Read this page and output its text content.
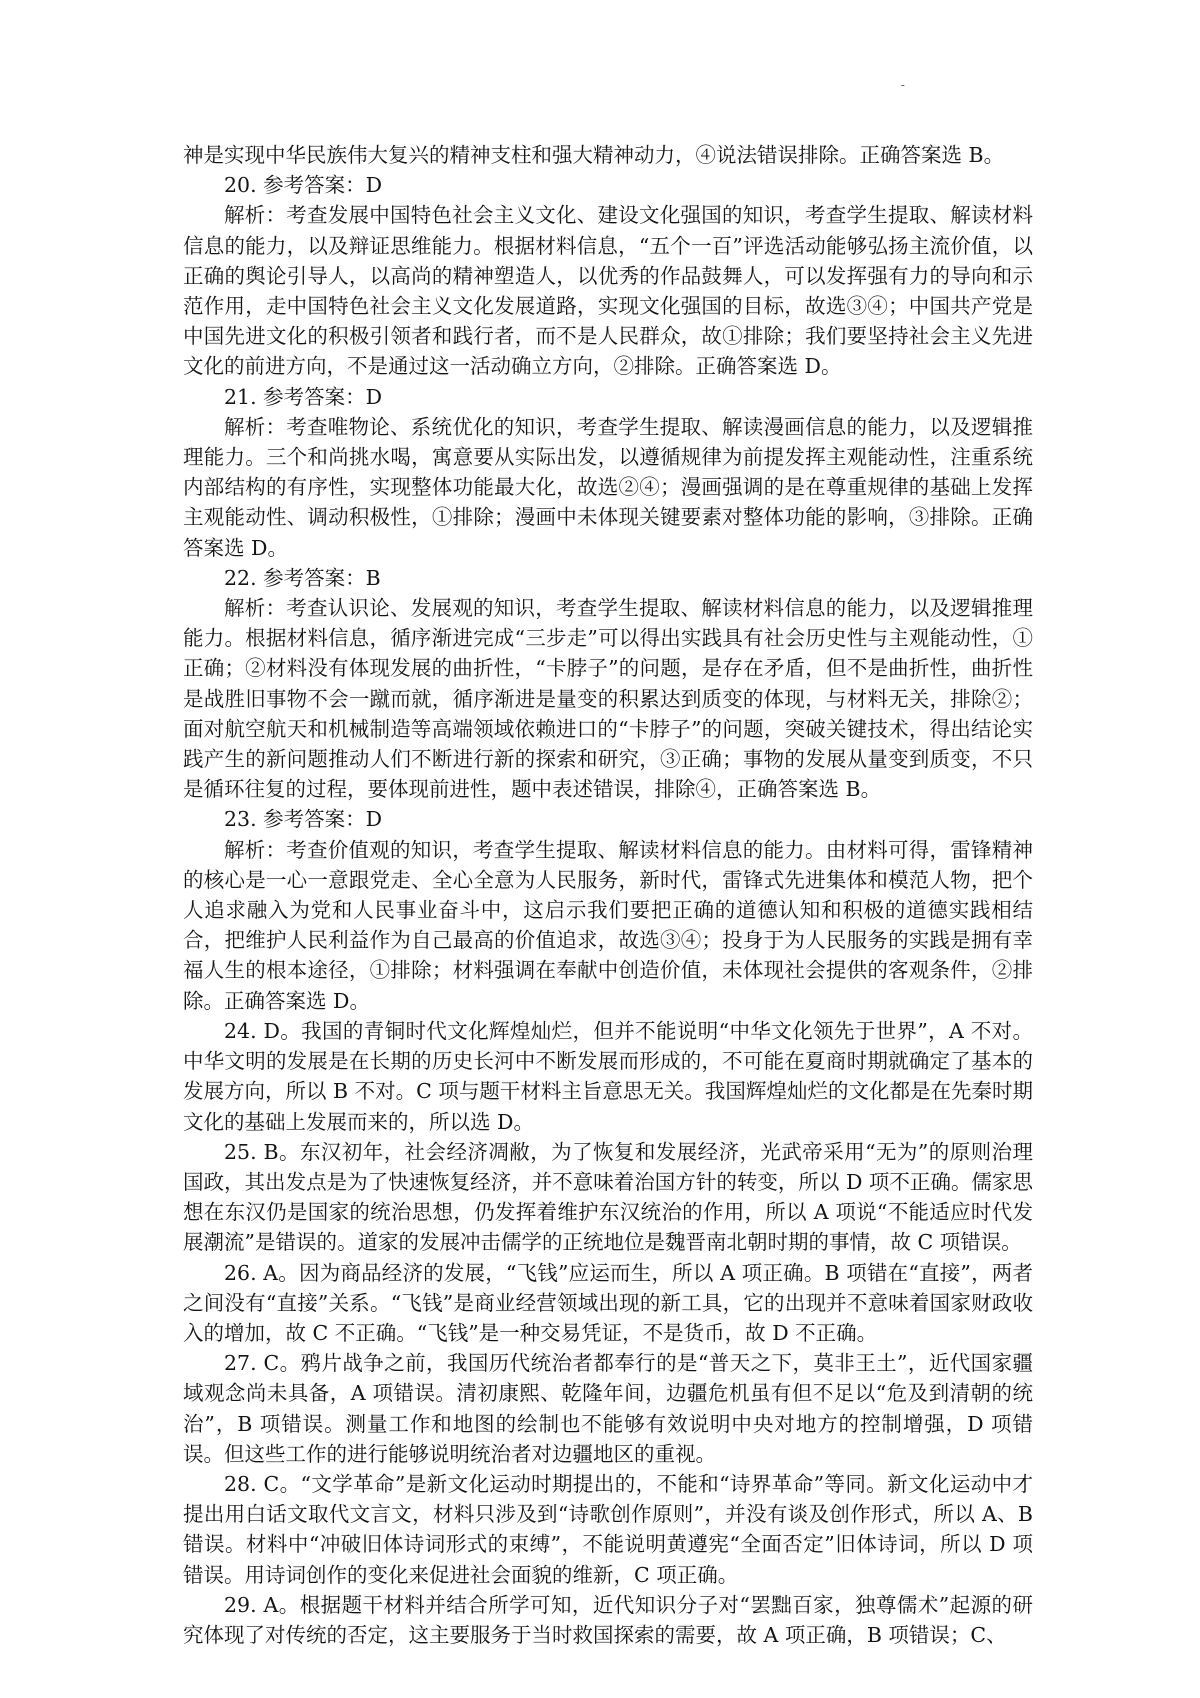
-

神是实现中华民族伟大复兴的精神支柱和强大精神动力，④说法错误排除。正确答案选 B。

20. 参考答案：D

解析：考查发展中国特色社会主义文化、建设文化强国的知识，考查学生提取、解读材料信息的能力，以及辩证思维能力。根据材料信息，“五个一百”评选活动能够弘扬主流价值，以正确的舆论引导人，以高尚的精神塑造人，以优秀的作品鼓舞人，可以发挥强有力的导向和示范作用，走中国特色社会主义文化发展道路，实现文化强国的目标，故选③④；中国共产党是中国先进文化的积极引领者和践行者，而不是人民群众，故①排除；我们要坚持社会主义先进文化的前进方向，不是通过这一活动确立方向，②排除。正确答案选 D。

21. 参考答案：D

解析：考查唯物论、系统优化的知识，考查学生提取、解读漫画信息的能力，以及逻辑推理能力。三个和尚挑水喝，寓意要从实际出发，以遵循规律为前提发挥主观能动性，注重系统内部结构的有序性，实现整体功能最大化，故选②④；漫画强调的是在尊重规律的基础上发挥主观能动性、调动积极性，①排除；漫画中未体现关键要素对整体功能的影响，③排除。正确答案选 D。

22. 参考答案：B

解析：考查认识论、发展观的知识，考查学生提取、解读材料信息的能力，以及逻辑推理能力。根据材料信息，循序渐进完成“三步走”可以得出实践具有社会历史性与主观能动性，①正确；②材料没有体现发展的曲折性，“卡脖子”的问题，是存在矛盾，但不是曲折性，曲折性是战胜旧事物不会一蹴而就，循序渐进是量变的积累达到质变的体现，与材料无关，排除②；面对航空航天和机械制造等高端领域依赖进口的“卡脖子”的问题，突破关键技术，得出结论实践产生的新问题推动人们不断进行新的探索和研究，③正确；事物的发展从量变到质变，不只是循环往复的过程，要体现前进性，题中表述错误，排除④，正确答案选 B。

23. 参考答案：D

解析：考查价值观的知识，考查学生提取、解读材料信息的能力。由材料可得，雷锋精神的核心是一心一意跟党走、全心全意为人民服务，新时代，雷锋式先进集体和模范人物，把个人追求融入为党和人民事业奋斗中，这启示我们要把正确的道德认知和积极的道德实践相结合，把维护人民利益作为自己最高的价值追求，故选③④；投身于为人民服务的实践是拥有幸福人生的根本途径，①排除；材料强调在奉献中创造价值，未体现社会提供的客观条件，②排除。正确答案选 D。

24. D。我国的青铜时代文化辉煌灿烂，但并不能说明“中华文化领先于世界”，A 不对。中华文明的发展是在长期的历史长河中不断发展而形成的，不可能在夏商时期就确定了基本的发展方向，所以 B 不对。C 项与题干材料主旨意思无关。我国辉煌灿烂的文化都是在先秦时期文化的基础上发展而来的，所以选 D。

25. B。东汉初年，社会经济凋敝，为了恢复和发展经济，光武帝采用“无为”的原则治理国政，其出发点是为了快速恢复经济，并不意味着治国方针的转变，所以 D 项不正确。儒家思想在东汉仍是国家的统治思想，仍发挥着维护东汉统治的作用，所以 A 项说“不能适应时代发展潮流”是错误的。道家的发展冲击儒学的正统地位是魏晋南北朝时期的事情，故 C 项错误。

26. A。因为商品经济的发展，“飞钱”应运而生，所以 A 项正确。B 项错在“直接”，两者之间没有“直接”关系。“飞钱”是商业经营领域出现的新工具，它的出现并不意味着国家财政收入的增加，故 C 不正确。“飞钱”是一种交易凭证，不是货币，故 D 不正确。

27. C。鸦片战争之前，我国历代统治者都奉行的是“普天之下，莫非王土”，近代国家疆域观念尚未具备，A 项错误。清初康熙、乾隆年间，边疆危机虽有但不足以“危及到清朝的统治”，B 项错误。测量工作和地图的绘制也不能够有效说明中央对地方的控制增强，D 项错误。但这些工作的进行能够说明统治者对边疆地区的重视。

28. C。“文学革命”是新文化运动时期提出的，不能和“诗界革命”等同。新文化运动中才提出用白话文取代文言文，材料只涉及到“诗歌创作原则”，并没有谈及创作形式，所以 A、B 错误。材料中“冲破旧体诗词形式的束缚”，不能说明黄遵宪“全面否定”旧体诗词，所以 D 项错误。用诗词创作的变化来促进社会面貌的维新，C 项正确。

29. A。根据题干材料并结合所学可知，近代知识分子对“罢黜百家，独尊儒术”起源的研究体现了对传统的否定，这主要服务于当时救国探索的需要，故 A 项正确，B 项错误；C、
